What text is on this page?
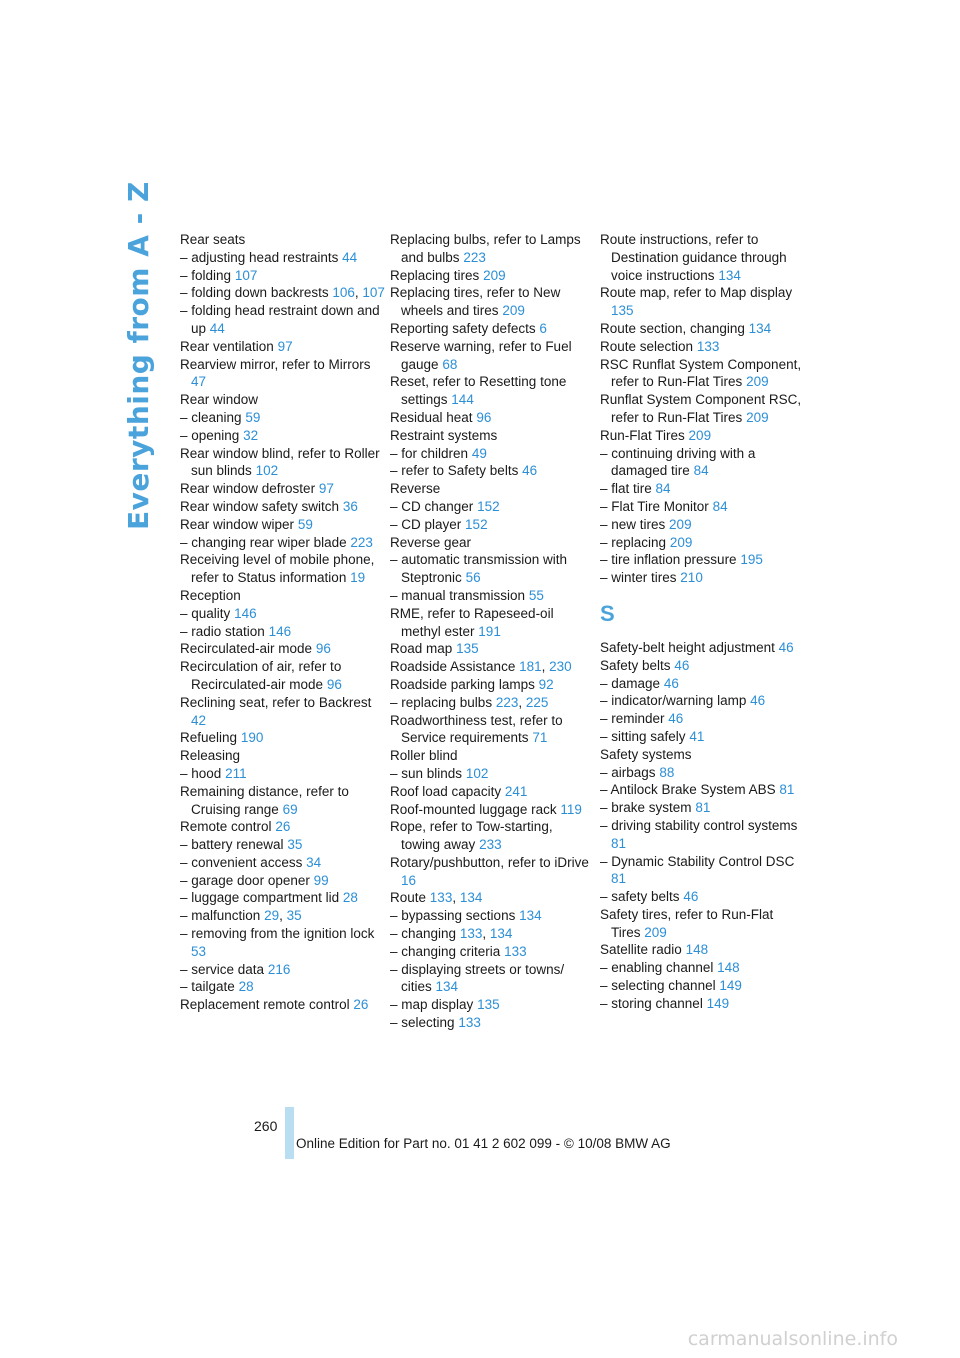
Everything from A - Z Rear seats
– adjusting head restraints 44
– folding 107
– folding down backrests 106, 107
– folding head restraint down and up 44
Rear ventilation 97
Rearview mirror, refer to Mirrors 47
Rear window
– cleaning 59
– opening 32
Rear window blind, refer to Roller sun blinds 102
Rear window defroster 97
Rear window safety switch 36
Rear window wiper 59
– changing rear wiper blade 223
Receiving level of mobile phone, refer to Status information 19
Reception
– quality 146
– radio station 146
Recirculated-air mode 96
Recirculation of air, refer to Recirculated-air mode 96
Reclining seat, refer to Backrest 42
Refueling 190
Releasing
– hood 211
Remaining distance, refer to Cruising range 69
Remote control 26
– battery renewal 35
– convenient access 34
– garage door opener 99
– luggage compartment lid 28
– malfunction 29, 35
– removing from the ignition lock 53
– service data 216
– tailgate 28
Replacement remote control 26
Replacing bulbs, refer to Lamps and bulbs 223
Replacing tires 209
Replacing tires, refer to New wheels and tires 209
Reporting safety defects 6
Reserve warning, refer to Fuel gauge 68
Reset, refer to Resetting tone settings 144
Residual heat 96
Restraint systems
– for children 49
– refer to Safety belts 46
Reverse
– CD changer 152
– CD player 152
Reverse gear
– automatic transmission with Steptronic 56
– manual transmission 55
RME, refer to Rapeseed-oil methyl ester 191
Road map 135
Roadside Assistance 181, 230
Roadside parking lamps 92
– replacing bulbs 223, 225
Roadworthiness test, refer to Service requirements 71
Roller blind
– sun blinds 102
Roof load capacity 241
Roof-mounted luggage rack 119
Rope, refer to Tow-starting, towing away 233
Rotary/pushbutton, refer to iDrive 16
Route 133, 134
– bypassing sections 134
– changing 133, 134
– changing criteria 133
– displaying streets or towns/ cities 134
– map display 135
– selecting 133
Route instructions, refer to Destination guidance through voice instructions 134
Route map, refer to Map display 135
Route section, changing 134
Route selection 133
RSC Runflat System Component, refer to Run-Flat Tires 209
Runflat System Component RSC, refer to Run-Flat Tires 209
Run-Flat Tires 209
– continuing driving with a damaged tire 84
– flat tire 84
– Flat Tire Monitor 84
– new tires 209
– replacing 209
– tire inflation pressure 195
– winter tires 210
S
Safety-belt height adjustment 46
Safety belts 46
– damage 46
– indicator/warning lamp 46
– reminder 46
– sitting safely 41
Safety systems
– airbags 88
– Antilock Brake System ABS 81
– brake system 81
– driving stability control systems 81
– Dynamic Stability Control DSC 81
– safety belts 46
Safety tires, refer to Run-Flat Tires 209
Satellite radio 148
– enabling channel 148
– selecting channel 149
– storing channel 149
260
Online Edition for Part no. 01 41 2 602 099 - © 10/08 BMW AG
carmanualsonline.info
